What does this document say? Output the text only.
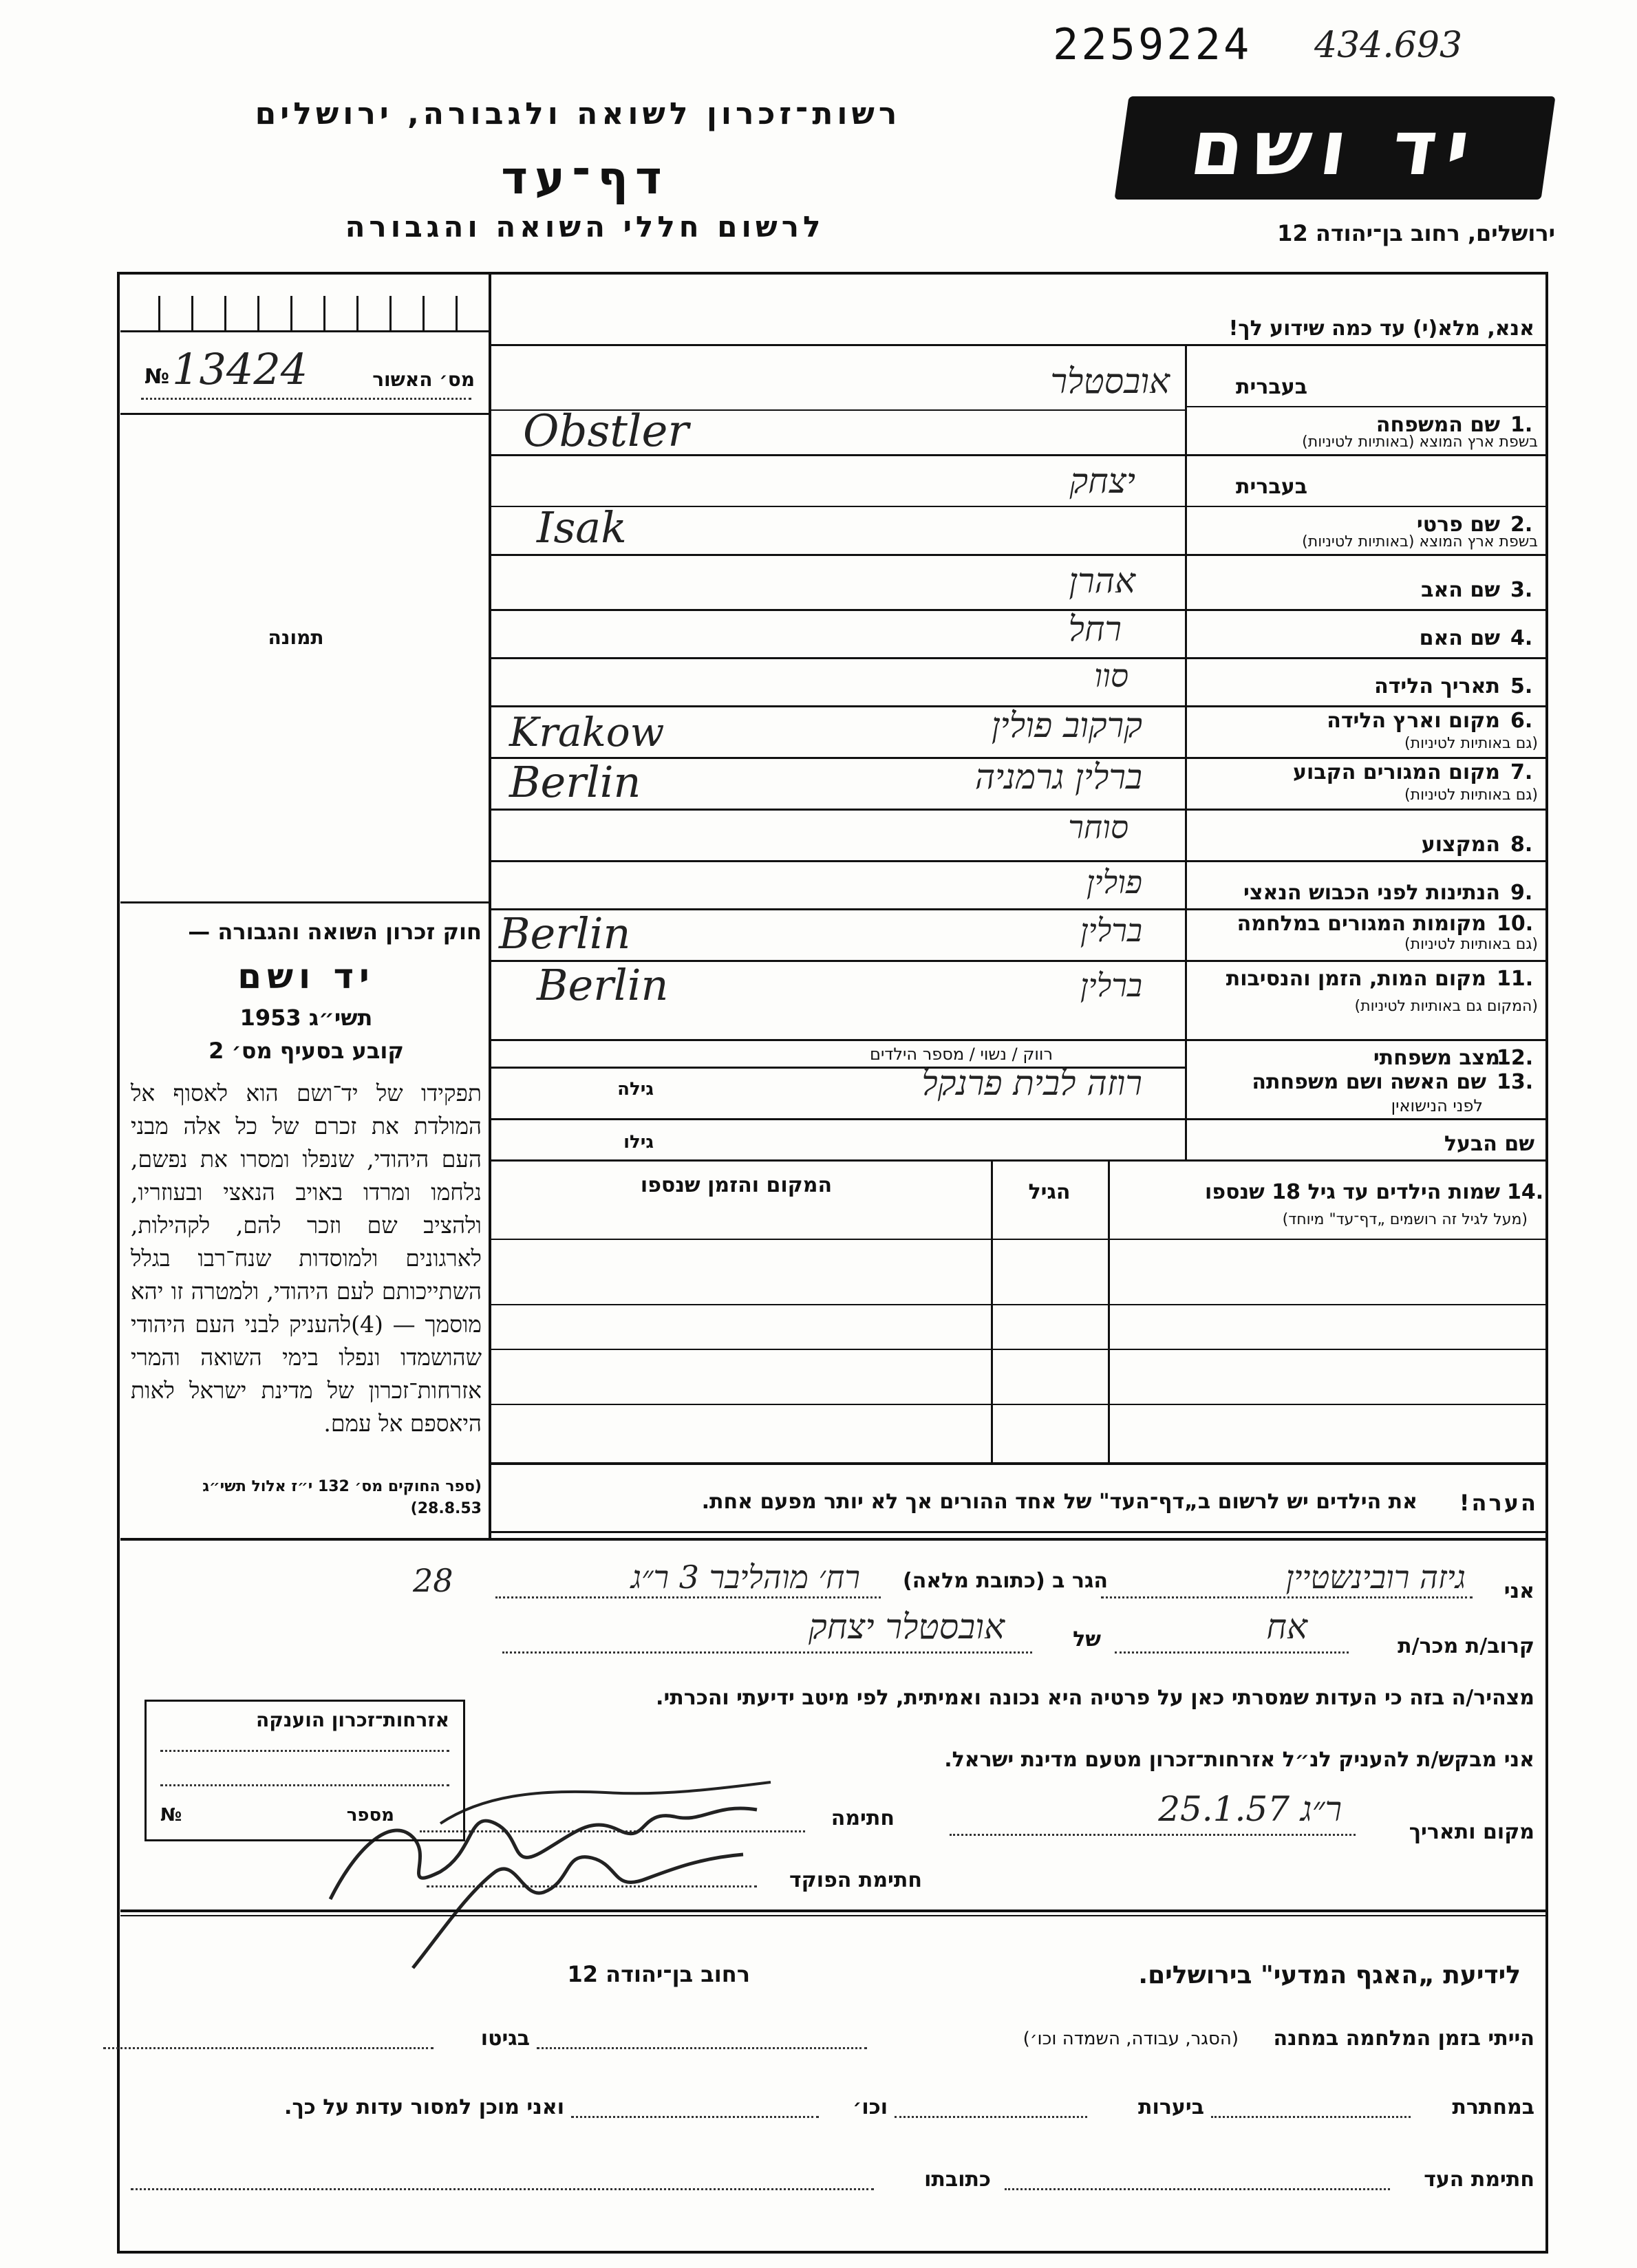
2259224 434.693
רשות־זכרון לשואה ולגבורה, ירושלים
דף־עד
לרשום חללי השואה והגבורה
יד ושם
ירושלים, רחוב בן־יהודה 12
מס׳ האשור
№ 13424
תמונה
אנא, מלא(י) עד כמה שידוע לך!
בעברית
שם המשפחה 1.
בשפת ארץ המוצא (באותיות לטיניות)
אובסטלר
Obstler
בעברית
שם פרטי 2.
בשפת ארץ המוצא (באותיות לטיניות)
יצחק
Isak
שם האב 3.
אהרן
שם האם 4.
רחל
תאריך הלידה 5.
סוו
מקום וארץ הלידה 6.
(גם באותיות לטיניות)
קרקוב פולין
Krakow
מקום המגורים הקבוע 7.
(גם באותיות לטיניות)
ברלין גרמניה
Berlin
המקצוע 8.
סוחר
הנתינות לפני הכבוש הנאצי 9.
פולין
מקומות המגורים במלחמה 10.
(גם באותיות לטיניות)
ברלין
Berlin
מקום המות, הזמן והנסיבות 11.
(המקום גם באותיות לטיניות)
ברלין
Berlin
מצב משפחתי
12.
רווק / נשוי / מספר הילדים
שם האשה ושם משפחתה 13.
לפני הנישואין
גילה	רוזה לבית פרנקל
שם הבעל
גילו
שמות הילדים עד גיל 18 שנספו 14.
(מעל לגיל זה רושמים „דף־עד" מיוחד)
הגיל
המקום והזמן שנספו
הערה!
את הילדים יש לרשום ב„דף־העד" של אחד ההורים אך לא יותר מפעם אחת.
חוק זכרון השואה והגבורה —
יד ושם
תשי״ג 1953
קובע בסעיף מס׳ 2
תפקידו של יד־ושם הוא לאסוף אל המולדת את זכרם של כל אלה מבני העם היהודי, שנפלו ומסרו את נפשם, נלחמו ומרדו באויב הנאצי ובעוזריו, ולהציב שם וזכר להם, לקהילות, לארגונים ולמוסדות שנח־רבו בגלל השתייכותם לעם היהודי, ולמטרה זו יהא מוסמך — (4)להעניק לבני העם היהודי שהושמדו ונפלו בימי השואה והמרי אזרחות־זכרון של מדינת ישראל לאות היאספם אל עמם.
(ספר החוקים מס׳ 132 י״ז אלול תשי״ג 28.8.53)
אני
גיזה רובינשטיין
הגר ב (כתובת מלאה)
רח׳ מוהליבר 3 ר״ג
28
קרוב/ת מכר/ת
אח
של
אובסטלר יצחק
מצהיר/ה בזה כי העדות שמסרתי כאן על פרטיה היא נכונה ואמיתית, לפי מיטב ידיעתי והכרתי.
אני מבקש/ת להעניק לנ״ל אזרחות־זכרון מטעם מדינת ישראל.
מקום ותאריך
ר״ג 25.1.57
חתימה
חתימת הפוקד
אזרחות־זכרון הוענקה
מספר
№
לידיעת „האגף המדעי" בירושלים.
רחוב בן־יהודה 12
הייתי בזמן המלחמה במחנה
(הסגר, עבודה, השמדה וכו׳)
בגיטו
במחתרת
ביערות
וכו׳
ואני מוכן למסור עדות על כך.
חתימת העד
כתובתו
